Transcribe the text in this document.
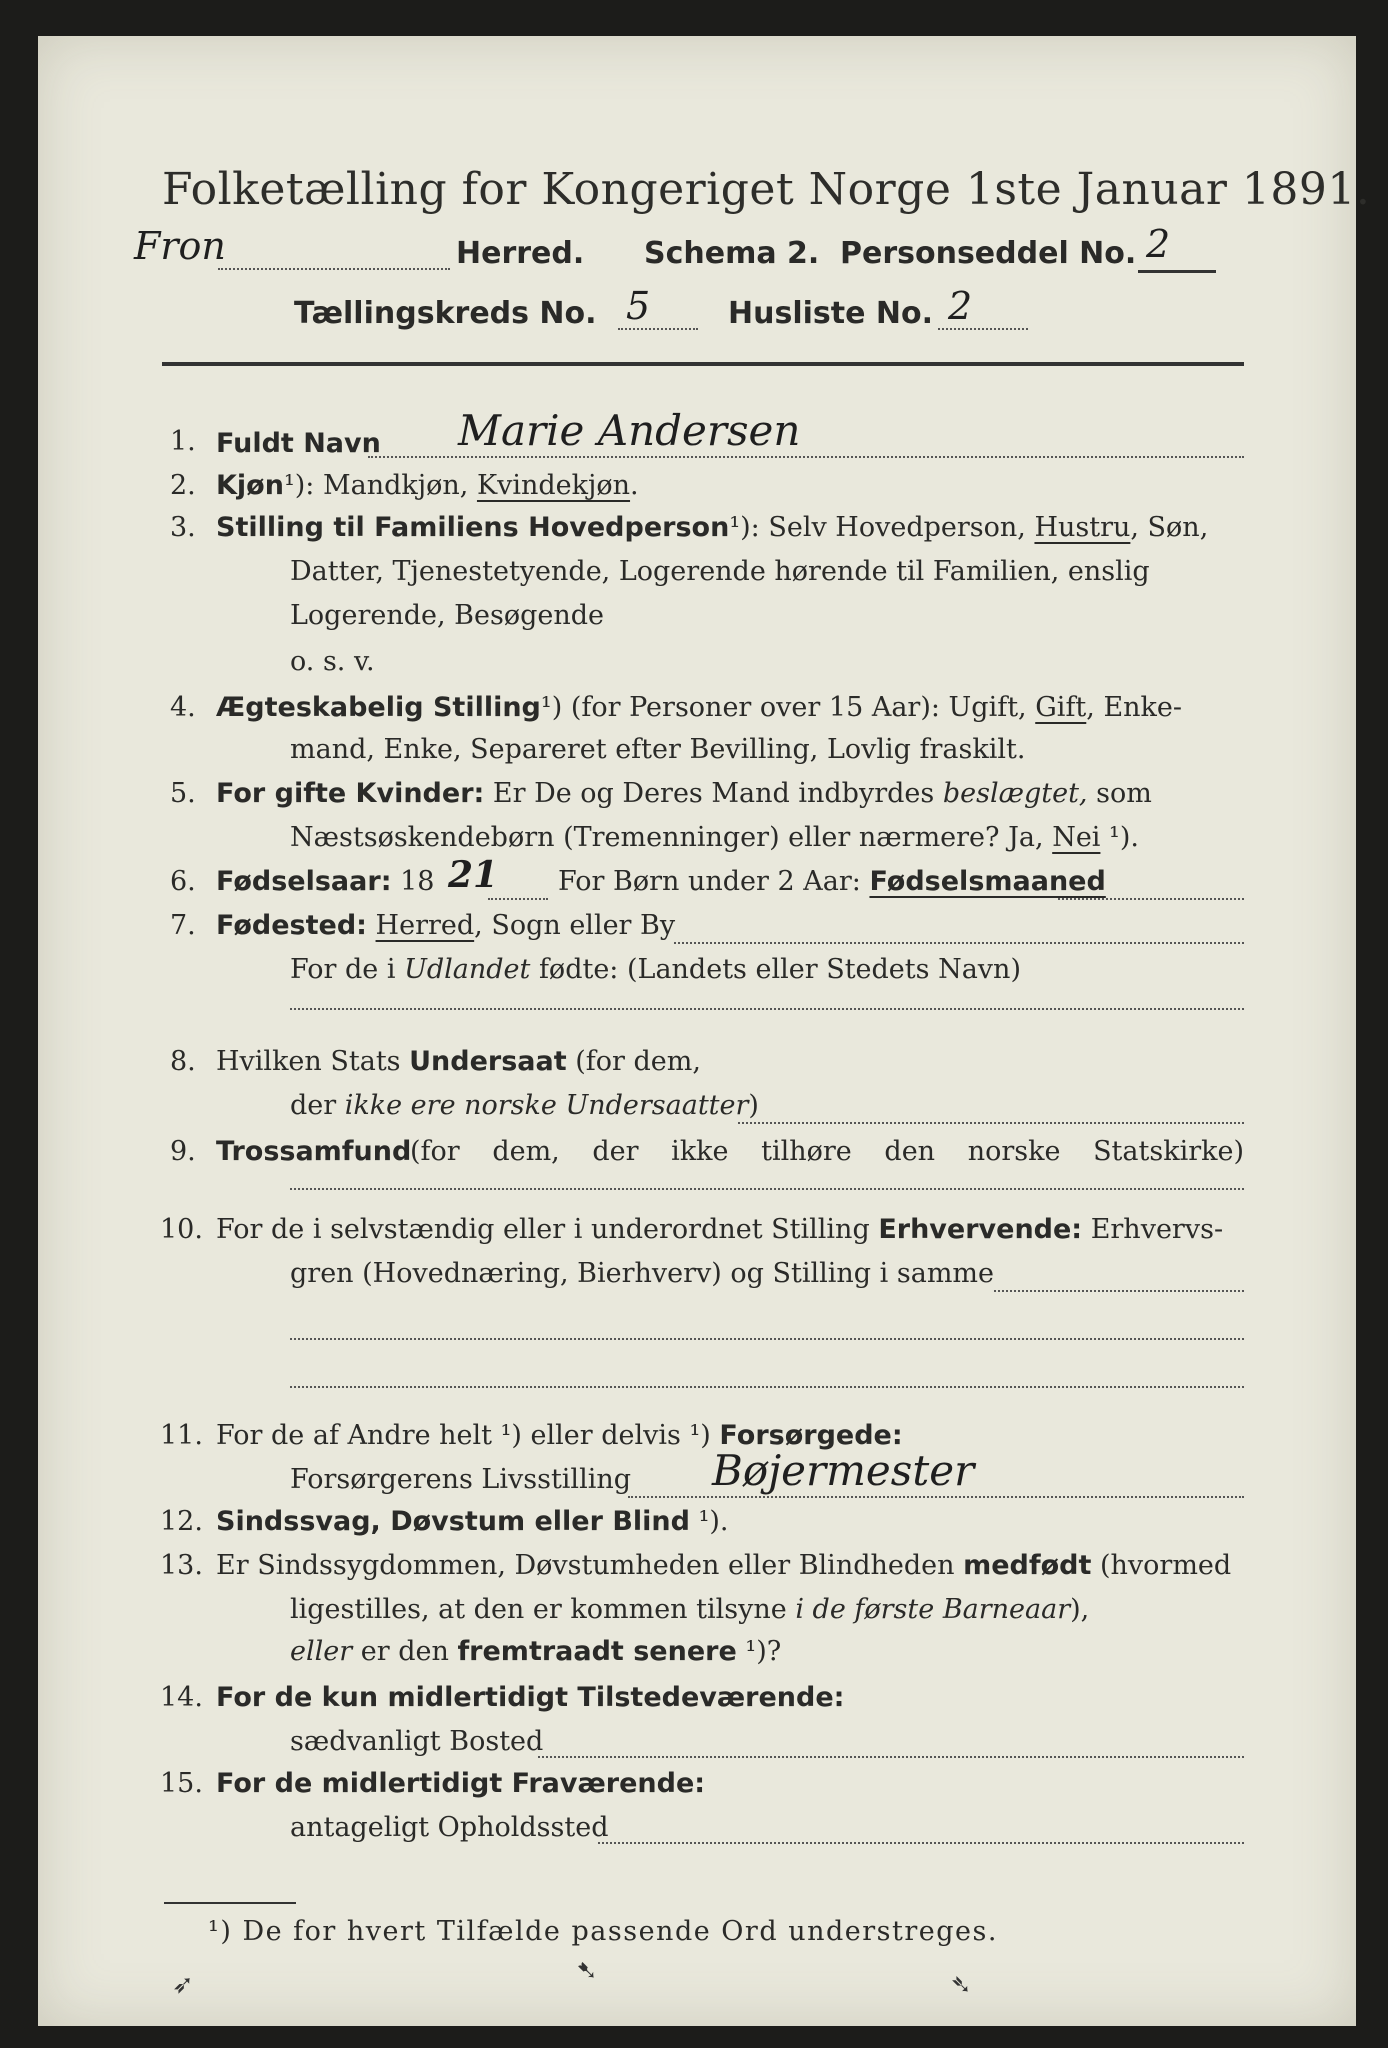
Folketælling for Kongeriget Norge 1ste Januar 1891.
Fron	Herred. Schema 2. Personseddel No. 2
Tællingskreds No. 5	Husliste No. 2
1. Fuldt Navn Marie Andersen
2. Kjøn¹): Mandkjøn, Kvindekjøn.
3. Stilling til Familiens Hovedperson¹): Selv Hovedperson, Hustru, Søn,
Datter, Tjenestetyende, Logerende hørende til Familien, enslig
Logerende, Besøgende
o. s. v.
4. Ægteskabelig Stilling¹) (for Personer over 15 Aar): Ugift, Gift, Enke-
mand, Enke, Separeret efter Bevilling, Lovlig fraskilt.
5. For gifte Kvinder: Er De og Deres Mand indbyrdes beslægtet, som
Næstsøskendebørn (Tremenninger) eller nærmere? Ja, Nei ¹).
6. Fødselsaar: 18 21 For Børn under 2 Aar: Fødselsmaaned
7. Fødested: Herred, Sogn eller By
For de i Udlandet fødte: (Landets eller Stedets Navn)
8. Hvilken Stats Undersaat (for dem,
der ikke ere norske Undersaatter)
9. Trossamfund
(for dem, der ikke tilhøre den norske Statskirke)
10. For de i selvstændig eller i underordnet Stilling Erhvervende: Erhvervs-
gren (Hovednæring, Bierhverv) og Stilling i samme
11. For de af Andre helt ¹) eller delvis ¹) Forsørgede:
Forsørgerens Livsstilling Bøjermester
12. Sindssvag, Døvstum eller Blind ¹).
13. Er Sindssygdommen, Døvstumheden eller Blindheden medfødt (hvormed
ligestilles, at den er kommen tilsyne i de første Barneaar),
eller er den fremtraadt senere ¹)?
14. For de kun midlertidigt Tilstedeværende:
sædvanligt Bosted
15. For de midlertidigt Fraværende:
antageligt Opholdssted
¹) De for hvert Tilfælde passende Ord understreges.
➶	➷	➴
